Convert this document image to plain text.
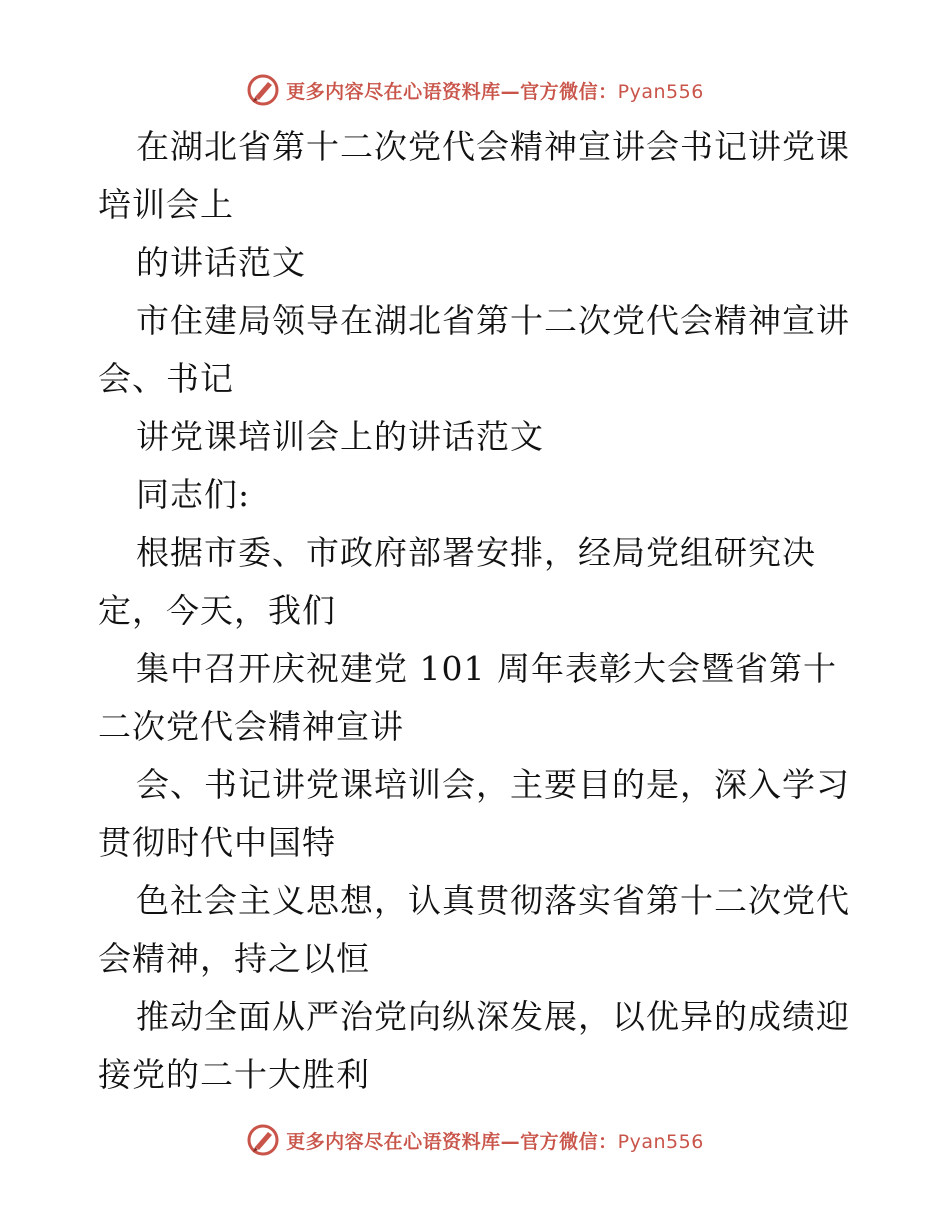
更多内容尽在心语资料库—官方微信：Pyan556
在湖北省第十二次党代会精神宣讲会书记讲党课
培训会上
的讲话范文
市住建局领导在湖北省第十二次党代会精神宣讲
会、书记
讲党课培训会上的讲话范文
同志们:
根据市委、市政府部署安排，经局党组研究决
定，今天，我们
集中召开庆祝建党 101 周年表彰大会暨省第十
二次党代会精神宣讲
会、书记讲党课培训会，主要目的是，深入学习
贯彻时代中国特
色社会主义思想，认真贯彻落实省第十二次党代
会精神，持之以恒
推动全面从严治党向纵深发展，以优异的成绩迎
接党的二十大胜利
更多内容尽在心语资料库—官方微信：Pyan556
